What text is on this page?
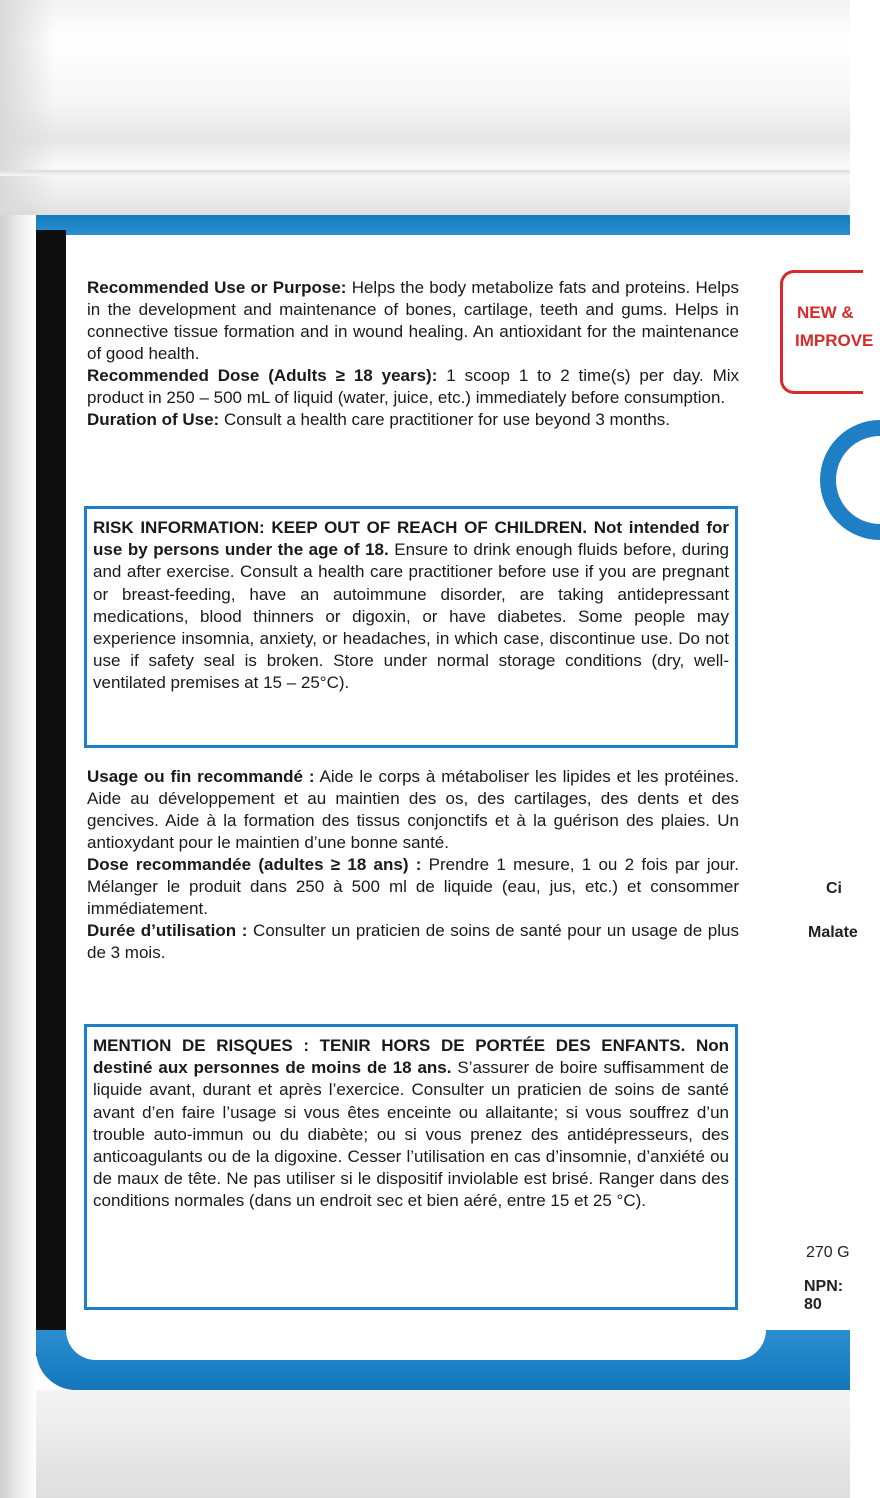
Recommended Use or Purpose: Helps the body metabolize fats and proteins. Helps in the development and maintenance of bones, cartilage, teeth and gums. Helps in connective tissue formation and in wound healing. An antioxidant for the maintenance of good health.

Recommended Dose (Adults ≥ 18 years): 1 scoop 1 to 2 time(s) per day. Mix product in 250 – 500 mL of liquid (water, juice, etc.) immediately before consumption.

Duration of Use: Consult a health care practitioner for use beyond 3 months.

RISK INFORMATION: KEEP OUT OF REACH OF CHILDREN. Not intended for use by persons under the age of 18. Ensure to drink enough fluids before, during and after exercise. Consult a health care practitioner before use if you are pregnant or breast-feeding, have an autoimmune disorder, are taking antidepressant medications, blood thinners or digoxin, or have diabetes. Some people may experience insomnia, anxiety, or headaches, in which case, discontinue use. Do not use if safety seal is broken. Store under normal storage conditions (dry, well-ventilated premises at 15 – 25°C).

Usage ou fin recommandé : Aide le corps à métaboliser les lipides et les protéines. Aide au développement et au maintien des os, des cartilages, des dents et des gencives. Aide à la formation des tissus conjonctifs et à la guérison des plaies. Un antioxydant pour le maintien d’une bonne santé.

Dose recommandée (adultes ≥ 18 ans) : Prendre 1 mesure, 1 ou 2 fois par jour. Mélanger le produit dans 250 à 500 ml de liquide (eau, jus, etc.) et consommer immédiatement.

Durée d’utilisation : Consulter un praticien de soins de santé pour un usage de plus de 3 mois.

MENTION DE RISQUES : TENIR HORS DE PORTÉE DES ENFANTS. Non destiné aux personnes de moins de 18 ans. S’assurer de boire suffisamment de liquide avant, durant et après l’exercice. Consulter un praticien de soins de santé avant d’en faire l’usage si vous êtes enceinte ou allaitante; si vous souffrez d’un trouble auto-immun ou du diabète; ou si vous prenez des antidépresseurs, des anticoagulants ou de la digoxine. Cesser l’utilisation en cas d’insomnie, d’anxiété ou de maux de tête. Ne pas utiliser si le dispositif inviolable est brisé. Ranger dans des conditions normales (dans un endroit sec et bien aéré, entre 15 et 25 °C).

NEW &
IMPROVE
Ci
Malate
270 G
NPN: 80
